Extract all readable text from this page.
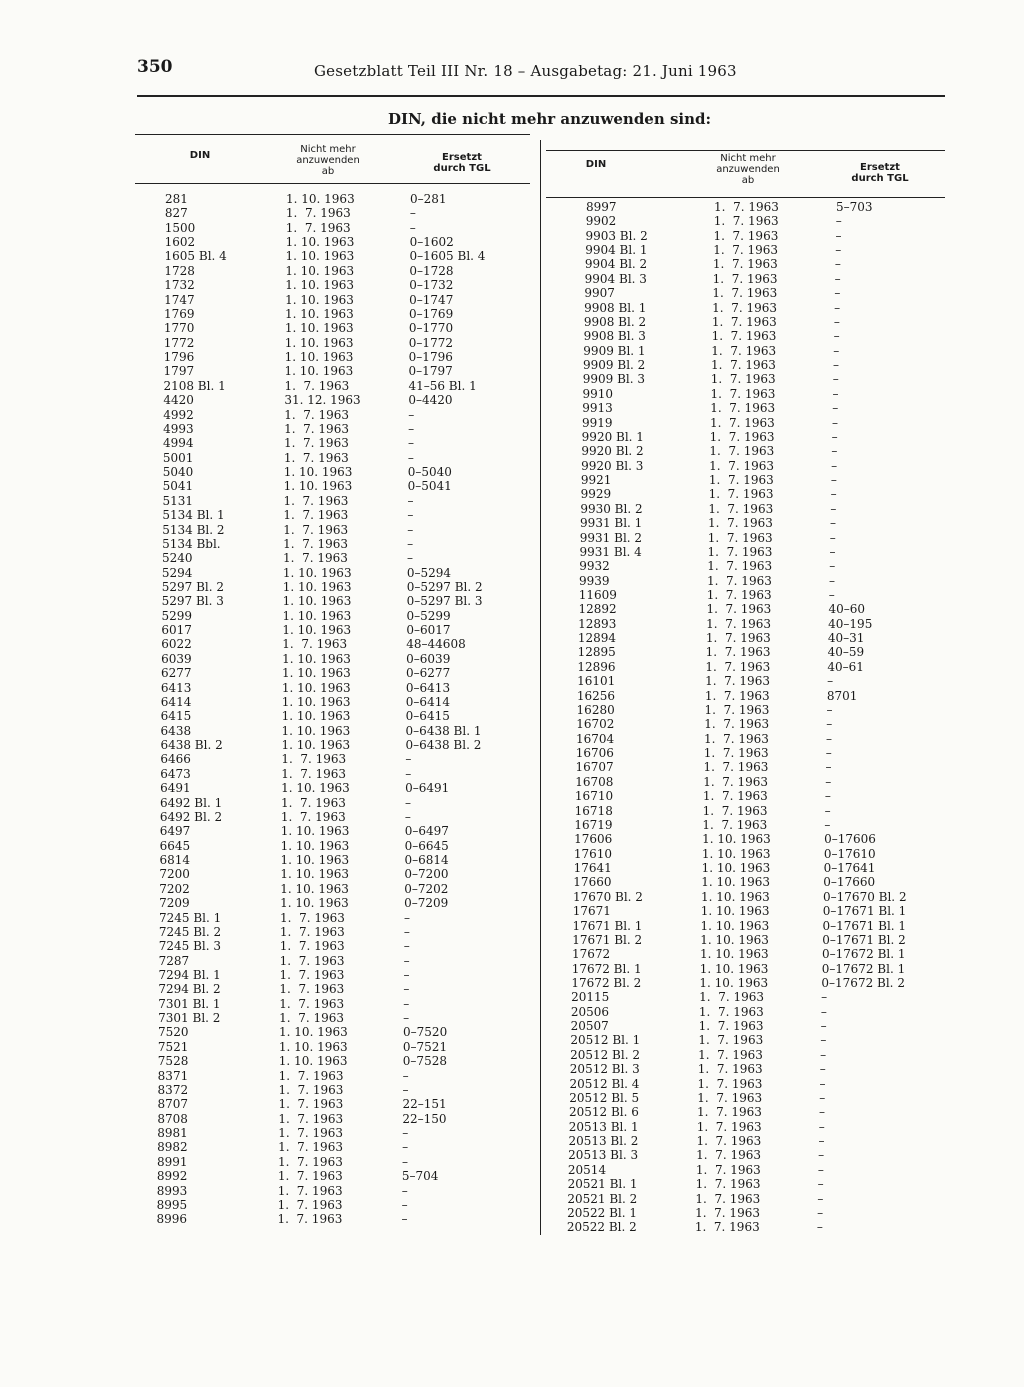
350	Gesetzblatt Teil III Nr. 18 – Ausgabetag: 21. Juni 1963
DIN, die nicht mehr anzuwenden sind:
DIN
Nicht mehr
anzuwenden
ab
Ersetzt
durch TGL	DIN
Nicht mehr
anzuwenden
ab
Ersetzt
durch TGL
281	1. 10. 1963	0–281
827	1.  7. 1963	–
1500	1.  7. 1963	–
1602	1. 10. 1963	0–1602
1605 Bl. 4	1. 10. 1963	0–1605 Bl. 4
1728	1. 10. 1963	0–1728
1732	1. 10. 1963	0–1732
1747	1. 10. 1963	0–1747
1769	1. 10. 1963	0–1769
1770	1. 10. 1963	0–1770
1772	1. 10. 1963	0–1772
1796	1. 10. 1963	0–1796
1797	1. 10. 1963	0–1797
2108 Bl. 1	1.  7. 1963	41–56 Bl. 1
4420	31. 12. 1963	0–4420
4992	1.  7. 1963	–
4993	1.  7. 1963	–
4994	1.  7. 1963	–
5001	1.  7. 1963	–
5040	1. 10. 1963	0–5040
5041	1. 10. 1963	0–5041
5131	1.  7. 1963	–
5134 Bl. 1	1.  7. 1963	–
5134 Bl. 2	1.  7. 1963	–
5134 Bbl.	1.  7. 1963	–
5240	1.  7. 1963	–
5294	1. 10. 1963	0–5294
5297 Bl. 2	1. 10. 1963	0–5297 Bl. 2
5297 Bl. 3	1. 10. 1963	0–5297 Bl. 3
5299	1. 10. 1963	0–5299
6017	1. 10. 1963	0–6017
6022	1.  7. 1963	48–44608
6039	1. 10. 1963	0–6039
6277	1. 10. 1963	0–6277
6413	1. 10. 1963	0–6413
6414	1. 10. 1963	0–6414
6415	1. 10. 1963	0–6415
6438	1. 10. 1963	0–6438 Bl. 1
6438 Bl. 2	1. 10. 1963	0–6438 Bl. 2
6466	1.  7. 1963	–
6473	1.  7. 1963	–
6491	1. 10. 1963	0–6491
6492 Bl. 1	1.  7. 1963	–
6492 Bl. 2	1.  7. 1963	–
6497	1. 10. 1963	0–6497
6645	1. 10. 1963	0–6645
6814	1. 10. 1963	0–6814
7200	1. 10. 1963	0–7200
7202	1. 10. 1963	0–7202
7209	1. 10. 1963	0–7209
7245 Bl. 1	1.  7. 1963	–
7245 Bl. 2	1.  7. 1963	–
7245 Bl. 3	1.  7. 1963	–
7287	1.  7. 1963	–
7294 Bl. 1	1.  7. 1963	–
7294 Bl. 2	1.  7. 1963	–
7301 Bl. 1	1.  7. 1963	–
7301 Bl. 2	1.  7. 1963	–
7520	1. 10. 1963	0–7520
7521	1. 10. 1963	0–7521
7528	1. 10. 1963	0–7528
8371	1.  7. 1963	–
8372	1.  7. 1963	–
8707	1.  7. 1963	22–151
8708	1.  7. 1963	22–150
8981	1.  7. 1963	–
8982	1.  7. 1963	–
8991	1.  7. 1963	–
8992	1.  7. 1963	5–704
8993	1.  7. 1963	–
8995	1.  7. 1963	–
8996	1.  7. 1963	–
8997	1.  7. 1963	5–703
9902	1.  7. 1963	–
9903 Bl. 2	1.  7. 1963	–
9904 Bl. 1	1.  7. 1963	–
9904 Bl. 2	1.  7. 1963	–
9904 Bl. 3	1.  7. 1963	–
9907	1.  7. 1963	–
9908 Bl. 1	1.  7. 1963	–
9908 Bl. 2	1.  7. 1963	–
9908 Bl. 3	1.  7. 1963	–
9909 Bl. 1	1.  7. 1963	–
9909 Bl. 2	1.  7. 1963	–
9909 Bl. 3	1.  7. 1963	–
9910	1.  7. 1963	–
9913	1.  7. 1963	–
9919	1.  7. 1963	–
9920 Bl. 1	1.  7. 1963	–
9920 Bl. 2	1.  7. 1963	–
9920 Bl. 3	1.  7. 1963	–
9921	1.  7. 1963	–
9929	1.  7. 1963	–
9930 Bl. 2	1.  7. 1963	–
9931 Bl. 1	1.  7. 1963	–
9931 Bl. 2	1.  7. 1963	–
9931 Bl. 4	1.  7. 1963	–
9932	1.  7. 1963	–
9939	1.  7. 1963	–
11609	1.  7. 1963	–
12892	1.  7. 1963	40–60
12893	1.  7. 1963	40–195
12894	1.  7. 1963	40–31
12895	1.  7. 1963	40–59
12896	1.  7. 1963	40–61
16101	1.  7. 1963	–
16256	1.  7. 1963	8701
16280	1.  7. 1963	–
16702	1.  7. 1963	–
16704	1.  7. 1963	–
16706	1.  7. 1963	–
16707	1.  7. 1963	–
16708	1.  7. 1963	–
16710	1.  7. 1963	–
16718	1.  7. 1963	–
16719	1.  7. 1963	–
17606	1. 10. 1963	0–17606
17610	1. 10. 1963	0–17610
17641	1. 10. 1963	0–17641
17660	1. 10. 1963	0–17660
17670 Bl. 2	1. 10. 1963	0–17670 Bl. 2
17671	1. 10. 1963	0–17671 Bl. 1
17671 Bl. 1	1. 10. 1963	0–17671 Bl. 1
17671 Bl. 2	1. 10. 1963	0–17671 Bl. 2
17672	1. 10. 1963	0–17672 Bl. 1
17672 Bl. 1	1. 10. 1963	0–17672 Bl. 1
17672 Bl. 2	1. 10. 1963	0–17672 Bl. 2
20115	1.  7. 1963	–
20506	1.  7. 1963	–
20507	1.  7. 1963	–
20512 Bl. 1	1.  7. 1963	–
20512 Bl. 2	1.  7. 1963	–
20512 Bl. 3	1.  7. 1963	–
20512 Bl. 4	1.  7. 1963	–
20512 Bl. 5	1.  7. 1963	–
20512 Bl. 6	1.  7. 1963	–
20513 Bl. 1	1.  7. 1963	–
20513 Bl. 2	1.  7. 1963	–
20513 Bl. 3	1.  7. 1963	–
20514	1.  7. 1963	–
20521 Bl. 1	1.  7. 1963	–
20521 Bl. 2	1.  7. 1963	–
20522 Bl. 1	1.  7. 1963	–
20522 Bl. 2	1.  7. 1963	–
